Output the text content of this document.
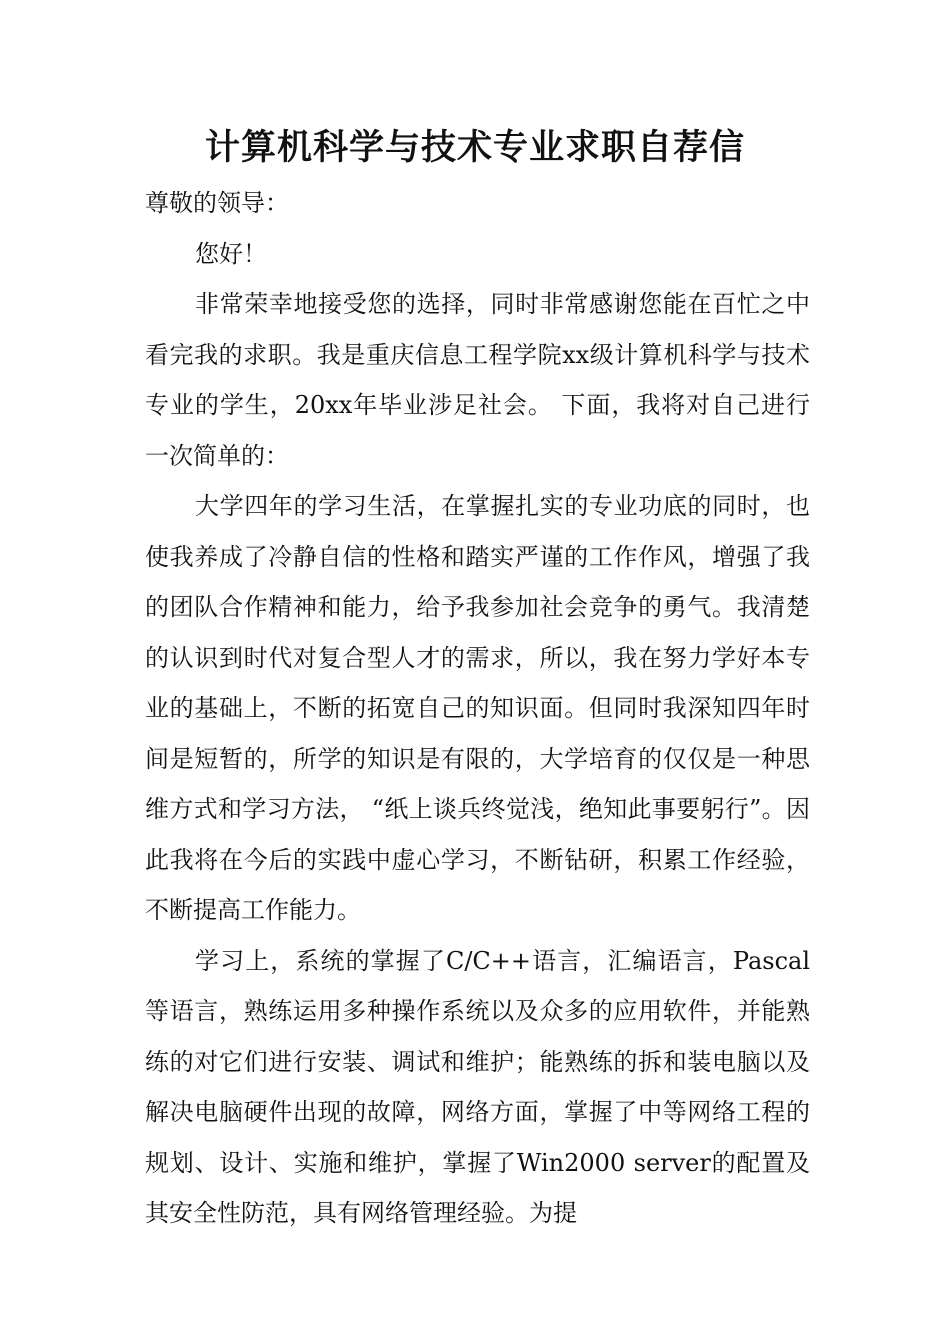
计算机科学与技术专业求职自荐信

尊敬的领导：

您好！

非常荣幸地接受您的选择，同时非常感谢您能在百忙之中看完我的求职。我是重庆信息工程学院xx级计算机科学与技术专业的学生，20xx年毕业涉足社会。 下面，我将对自己进行一次简单的：

大学四年的学习生活，在掌握扎实的专业功底的同时，也使我养成了冷静自信的性格和踏实严谨的工作作风，增强了我的团队合作精神和能力，给予我参加社会竞争的勇气。我清楚的认识到时代对复合型人才的需求，所以，我在努力学好本专业的基础上，不断的拓宽自己的知识面。但同时我深知四年时间是短暂的，所学的知识是有限的，大学培育的仅仅是一种思维方式和学习方法， “纸上谈兵终觉浅，绝知此事要躬行”。因此我将在今后的实践中虚心学习，不断钻研，积累工作经验，不断提高工作能力。

学习上，系统的掌握了C/C++语言，汇编语言，Pascal等语言，熟练运用多种操作系统以及众多的应用软件，并能熟练的对它们进行安装、调试和维护；能熟练的拆和装电脑以及解决电脑硬件出现的故障，网络方面，掌握了中等网络工程的规划、设计、实施和维护，掌握了Win2000 server的配置及其安全性防范，具有网络管理经验。为提
